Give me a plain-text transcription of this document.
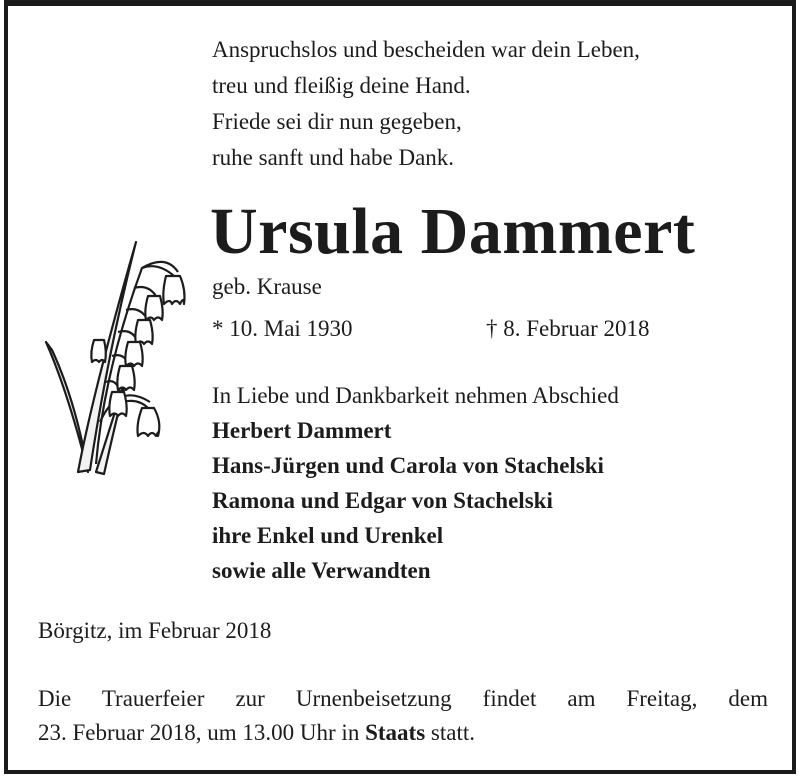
Anspruchslos und bescheiden war dein Leben,
treu und fleißig deine Hand.
Friede sei dir nun gegeben,
ruhe sanft und habe Dank.
Ursula Dammert
geb. Krause
* 10. Mai 1930	† 8. Februar 2018
In Liebe und Dankbarkeit nehmen Abschied
Herbert Dammert
Hans-Jürgen und Carola von Stachelski
Ramona und Edgar von Stachelski
ihre Enkel und Urenkel
sowie alle Verwandten
Börgitz, im Februar 2018
Die Trauerfeier zur Urnenbeisetzung findet am Freitag, dem
23. Februar 2018, um 13.00 Uhr in Staats statt.
